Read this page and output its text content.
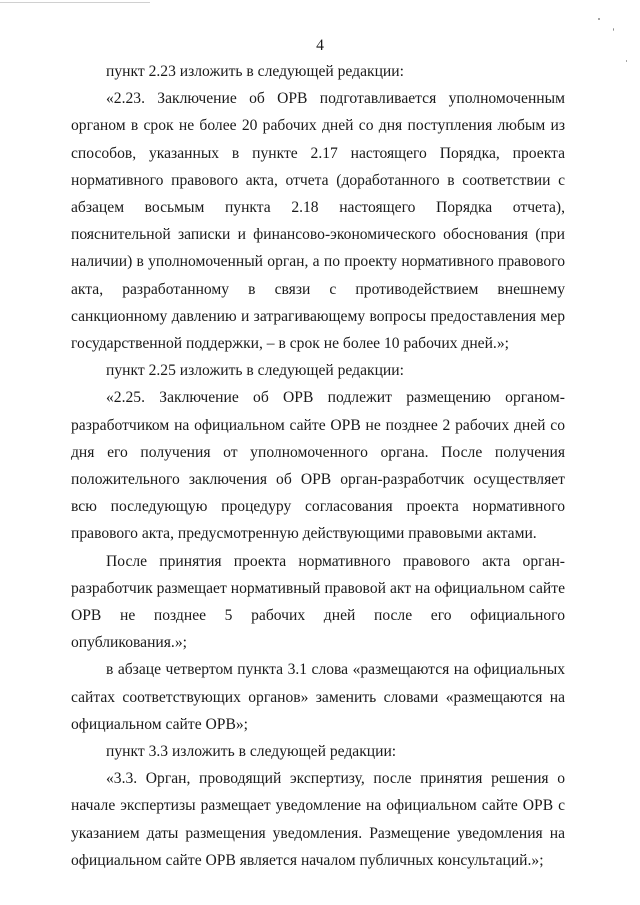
4

пункт 2.23 изложить в следующей редакции:

«2.23. Заключение об ОРВ подготавливается уполномоченным органом в срок не более 20 рабочих дней со дня поступления любым из способов, указанных в пункте 2.17 настоящего Порядка, проекта нормативного правового акта, отчета (доработанного в соответствии с абзацем восьмым пункта 2.18 настоящего Порядка отчета), пояснительной записки и финансово-экономического обоснования (при наличии) в уполномоченный орган, а по проекту нормативного правового акта, разработанному в связи с противодействием внешнему санкционному давлению и затрагивающему вопросы предоставления мер государственной поддержки, – в срок не более 10 рабочих дней.»;

пункт 2.25 изложить в следующей редакции:

«2.25. Заключение об ОРВ подлежит размещению органом-разработчиком на официальном сайте ОРВ не позднее 2 рабочих дней со дня его получения от уполномоченного органа. После получения положительного заключения об ОРВ орган-разработчик осуществляет всю последующую процедуру согласования проекта нормативного правового акта, предусмотренную действующими правовыми актами.

После принятия проекта нормативного правового акта орган-разработчик размещает нормативный правовой акт на официальном сайте ОРВ не позднее 5 рабочих дней после его официального опубликования.»;

в абзаце четвертом пункта 3.1 слова «размещаются на официальных сайтах соответствующих органов» заменить словами «размещаются на официальном сайте ОРВ»;

пункт 3.3 изложить в следующей редакции:

«3.3. Орган, проводящий экспертизу, после принятия решения о начале экспертизы размещает уведомление на официальном сайте ОРВ с указанием даты размещения уведомления. Размещение уведомления на официальном сайте ОРВ является началом публичных консультаций.»;
